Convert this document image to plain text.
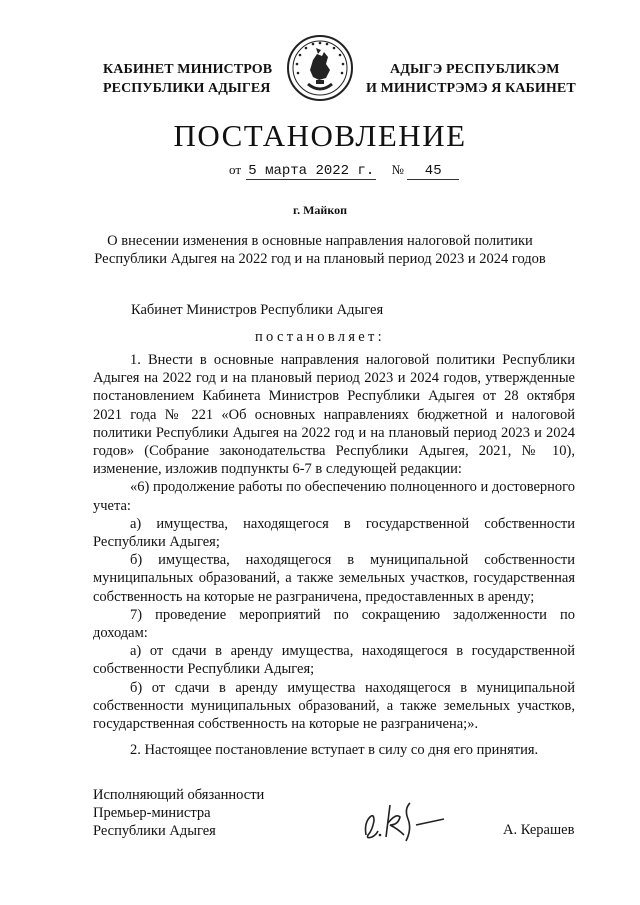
КАБИНЕТ МИНИСТРОВ
РЕСПУБЛИКИ АДЫГЕЯ
АДЫГЭ РЕСПУБЛИКЭМ
И МИНИСТРЭМЭ Я КАБИНЕТ
ПОСТАНОВЛЕНИЕ
от 5 марта 2022 г. № 45
г. Майкоп
О внесении изменения в основные направления налоговой политики
Республики Адыгея на 2022 год и на плановый период 2023 и 2024 годов
Кабинет Министров Республики Адыгея
постановляет:

1. Внести в основные направления налоговой политики Республики Адыгея на 2022 год и на плановый период 2023 и 2024 годов, утвержденные постановлением Кабинета Министров Республики Адыгея от 28 октября 2021 года № 221 «Об основных направлениях бюджетной и налоговой политики Республики Адыгея на 2022 год и на плановый период 2023 и 2024 годов» (Собрание законодательства Республики Адыгея, 2021, № 10), изменение, изложив подпункты 6-7 в следующей редакции:

«6) продолжение работы по обеспечению полноценного и достоверного учета:

а) имущества, находящегося в государственной собственности Республики Адыгея;

б) имущества, находящегося в муниципальной собственности муниципальных образований, а также земельных участков, государственная собственность на которые не разграничена, предоставленных в аренду;

7) проведение мероприятий по сокращению задолженности по доходам:

а) от сдачи в аренду имущества, находящегося в государственной собственности Республики Адыгея;

б) от сдачи в аренду имущества находящегося в муниципальной собственности муниципальных образований, а также земельных участков, государственная собственность на которые не разграничена;».

2. Настоящее постановление вступает в силу со дня его принятия.

Исполняющий обязанности
Премьер-министра
Республики Адыгея	А. Керашев
